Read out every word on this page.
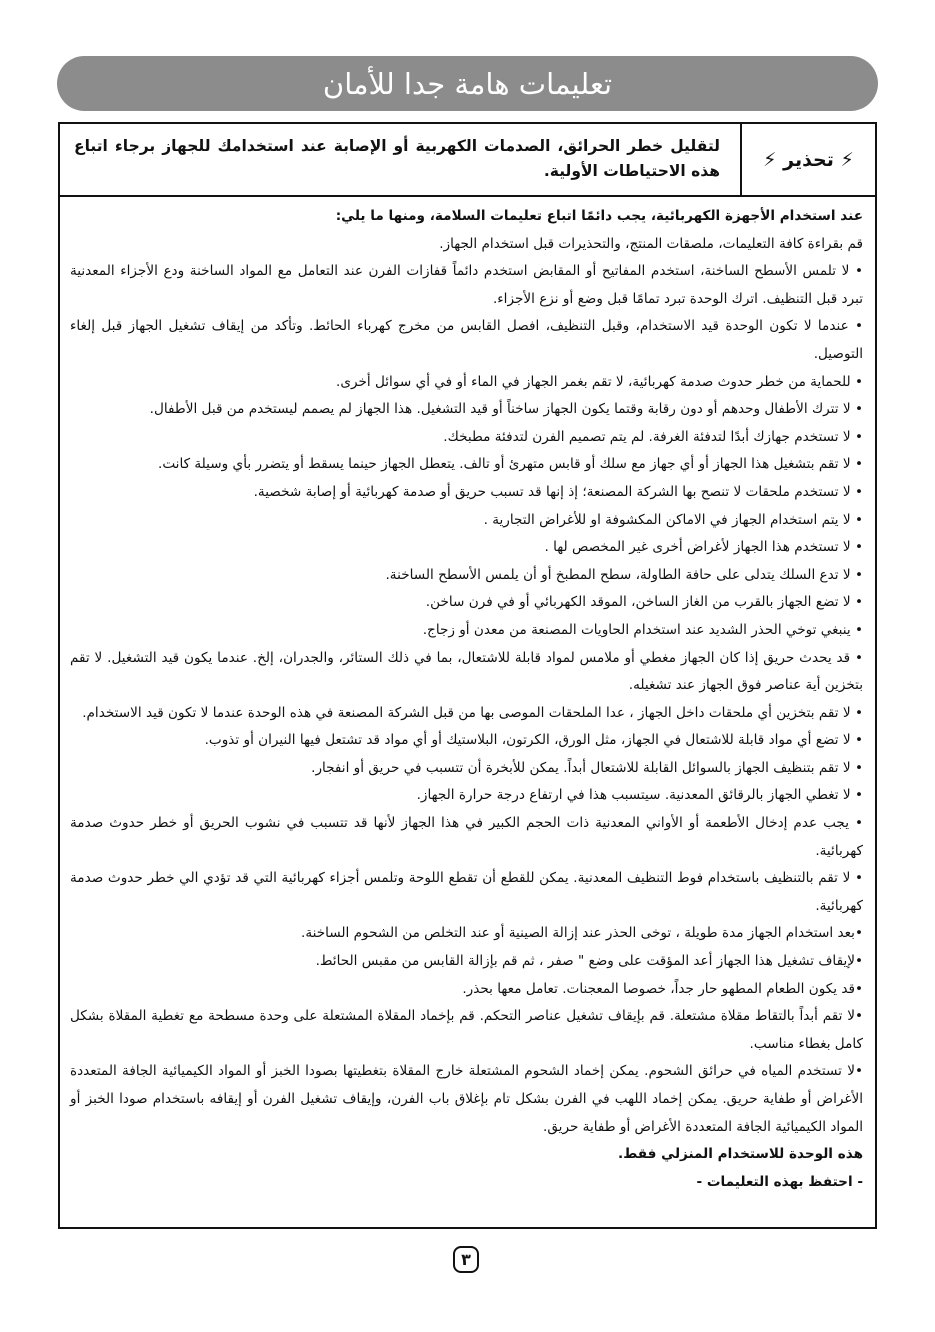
تعليمات هامة جدا للأمان
⚡

تحذير

⚡
لتقليل خطر الحرائق، الصدمات الكهربية أو الإصابة عند استخدامك للجهاز برجاء اتباع هذه الاحتياطات الأولية.

عند استخدام الأجهزة الكهربائية، يجب دائمًا اتباع تعليمات السلامة، ومنها ما يلي:

قم بقراءة كافة التعليمات، ملصقات المنتج، والتحذيرات قبل استخدام الجهاز.

• لا تلمس الأسطح الساخنة، استخدم المفاتيح أو المقابض استخدم دائماً قفازات الفرن عند التعامل مع المواد الساخنة ودع الأجزاء المعدنية تبرد قبل التنظيف. اترك الوحدة تبرد تمامًا قبل وضع أو نزع الأجزاء.

• عندما لا تكون الوحدة قيد الاستخدام، وقبل التنظيف، افصل القابس من مخرج كهرباء الحائط. وتأكد من إيقاف تشغيل الجهاز قبل إلغاء التوصيل.

• للحماية من خطر حدوث صدمة كهربائية، لا تقم بغمر الجهاز في الماء أو في أي سوائل أخرى.

• لا تترك الأطفال وحدهم أو دون رقابة وقتما يكون الجهاز ساخناً أو قيد التشغيل. هذا الجهاز لم يصمم ليستخدم من قبل الأطفال.

• لا تستخدم جهازك أبدًا لتدفئة الغرفة. لم يتم تصميم الفرن لتدفئة مطبخك.

• لا تقم بتشغيل هذا الجهاز أو أي جهاز مع سلك أو قابس متهرئ أو تالف. يتعطل الجهاز حينما يسقط أو يتضرر بأي وسيلة كانت.

• لا تستخدم ملحقات لا تنصح بها الشركة المصنعة؛ إذ إنها قد تسبب حريق أو صدمة كهربائية أو إصابة شخصية.

• لا يتم استخدام الجهاز في الاماكن المكشوفة او للأغراض التجارية .

• لا تستخدم هذا الجهاز لأغراض أخرى غير المخصص لها .

• لا تدع السلك يتدلى على حافة الطاولة، سطح المطبخ أو أن يلمس الأسطح الساخنة.

• لا تضع الجهاز بالقرب من الغاز الساخن، الموقد الكهربائي أو في فرن ساخن.

• ينبغي توخي الحذر الشديد عند استخدام الحاويات المصنعة من معدن أو زجاج.

• قد يحدث حريق إذا كان الجهاز مغطي أو ملامس لمواد قابلة للاشتعال، بما في ذلك الستائر، والجدران، إلخ. عندما يكون قيد التشغيل. لا تقم بتخزين أية عناصر فوق الجهاز عند تشغيله.

• لا تقم بتخزين أي ملحقات داخل الجهاز ، عدا الملحقات الموصى بها من قبل الشركة المصنعة في هذه الوحدة عندما لا تكون قيد الاستخدام.

• لا تضع أي مواد قابلة للاشتعال في الجهاز، مثل الورق، الكرتون، البلاستيك أو أي مواد قد تشتعل فيها النيران أو تذوب.

• لا تقم بتنظيف الجهاز بالسوائل القابلة للاشتعال أبداً. يمكن للأبخرة أن تتسبب في حريق أو انفجار.

• لا تغطي الجهاز بالرقائق المعدنية. سيتسبب هذا في ارتفاع درجة حرارة الجهاز.

• يجب عدم إدخال الأطعمة أو الأواني المعدنية ذات الحجم الكبير في هذا الجهاز لأنها قد تتسبب في نشوب الحريق أو خطر حدوث صدمة كهربائية.

• لا تقم بالتنظيف باستخدام فوط التنظيف المعدنية. يمكن للقطع أن تقطع اللوحة وتلمس أجزاء كهربائية التي قد تؤدي الي خطر حدوث صدمة كهربائية.

•بعد استخدام الجهاز مدة طويلة ، توخى الحذر عند إزالة الصينية أو عند التخلص من الشحوم الساخنة.

•لإيقاف تشغيل هذا الجهاز أعد المؤقت على وضع " صفر ، ثم قم بإزالة القابس من مقبس الحائط.

•قد يكون الطعام المطهو حار جداً، خصوصا المعجنات. تعامل معها بحذر.

•لا تقم أبداً بالتقاط مقلاة مشتعلة. قم بإيقاف تشغيل عناصر التحكم. قم بإخماد المقلاة المشتعلة على وحدة مسطحة مع تغطية المقلاة بشكل كامل بغطاء مناسب.

•لا تستخدم المياه في حرائق الشحوم. يمكن إخماد الشحوم المشتعلة خارج المقلاة بتغطيتها بصودا الخبز أو المواد الكيميائية الجافة المتعددة الأغراض أو طفاية حريق. يمكن إخماد اللهب في الفرن بشكل تام بإغلاق باب الفرن، وإيقاف تشغيل الفرن أو إيقافه باستخدام صودا الخبز أو المواد الكيميائية الجافة المتعددة الأغراض أو طفاية حريق.

هذه الوحدة للاستخدام المنزلي فقط.

- احتفظ بهذه التعليمات -

٣
